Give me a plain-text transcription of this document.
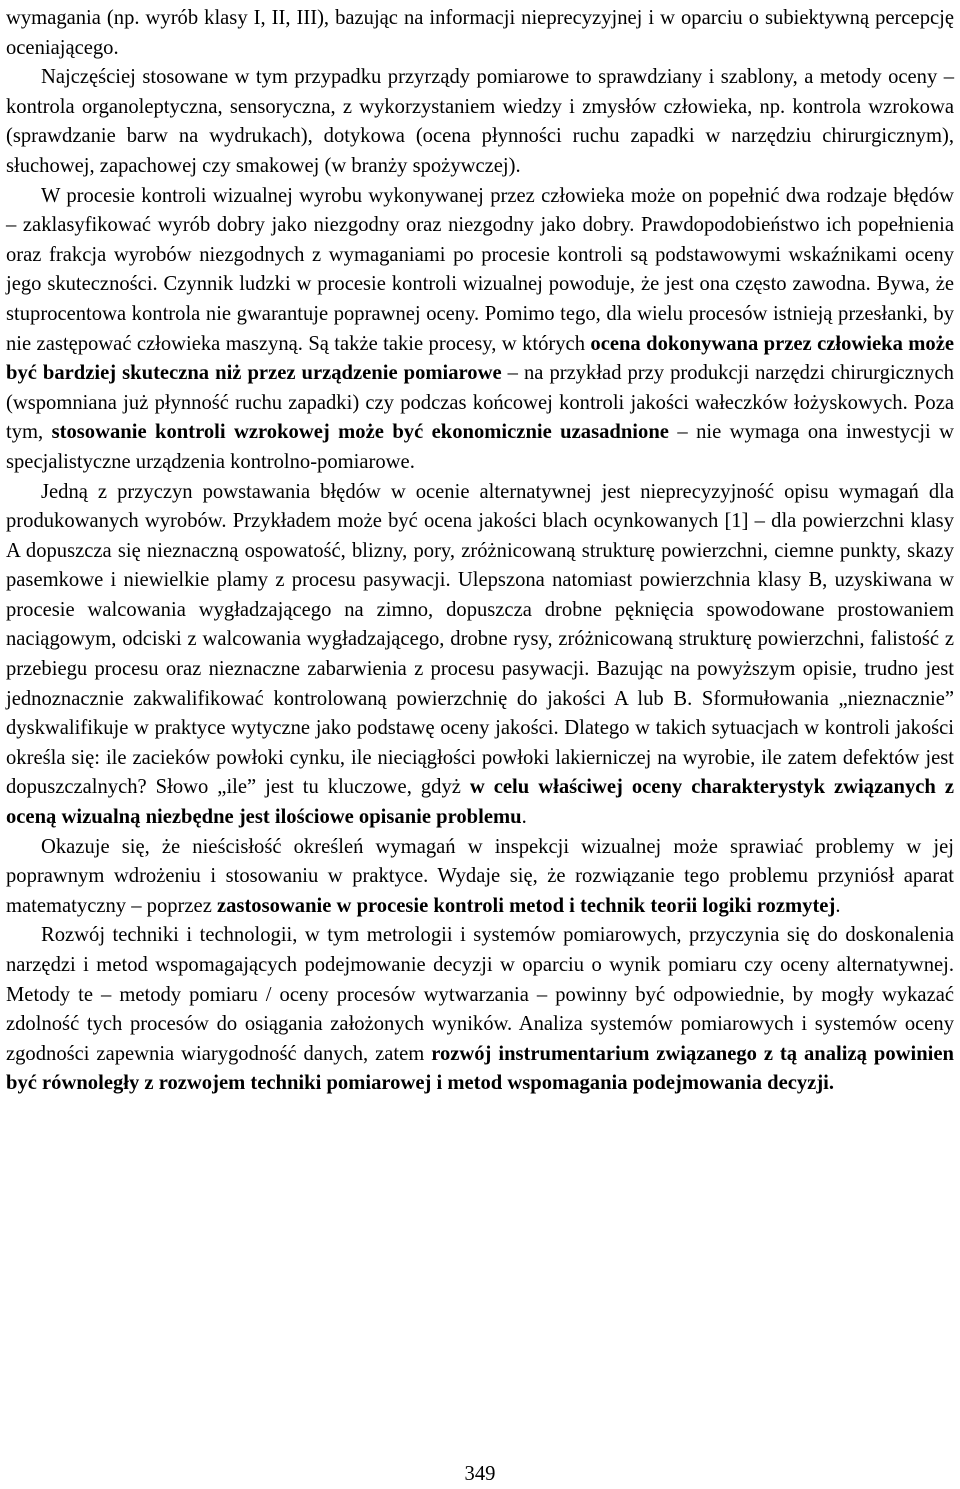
wymagania (np. wyrób klasy I, II, III), bazując na informacji nieprecyzyjnej i w oparciu o subiektywną percepcję oceniającego.

Najczęściej stosowane w tym przypadku przyrządy pomiarowe to sprawdziany i szablony, a metody oceny – kontrola organoleptyczna, sensoryczna, z wykorzystaniem wiedzy i zmysłów człowieka, np. kontrola wzrokowa (sprawdzanie barw na wydrukach), dotykowa (ocena płynności ruchu zapadki w narzędziu chirurgicznym), słuchowej, zapachowej czy smakowej (w branży spożywczej).

W procesie kontroli wizualnej wyrobu wykonywanej przez człowieka może on popełnić dwa rodzaje błędów – zaklasyfikować wyrób dobry jako niezgodny oraz niezgodny jako dobry. Prawdopodobieństwo ich popełnienia oraz frakcja wyrobów niezgodnych z wymaganiami po procesie kontroli są podstawowymi wskaźnikami oceny jego skuteczności. Czynnik ludzki w procesie kontroli wizualnej powoduje, że jest ona często zawodna. Bywa, że stuprocentowa kontrola nie gwarantuje poprawnej oceny. Pomimo tego, dla wielu procesów istnieją przesłanki, by nie zastępować człowieka maszyną. Są także takie procesy, w których ocena dokonywana przez człowieka może być bardziej skuteczna niż przez urządzenie pomiarowe – na przykład przy produkcji narzędzi chirurgicznych (wspomniana już płynność ruchu zapadki) czy podczas końcowej kontroli jakości wałeczków łożyskowych. Poza tym, stosowanie kontroli wzrokowej może być ekonomicznie uzasadnione – nie wymaga ona inwestycji w specjalistyczne urządzenia kontrolno-pomiarowe.

Jedną z przyczyn powstawania błędów w ocenie alternatywnej jest nieprecyzyjność opisu wymagań dla produkowanych wyrobów. Przykładem może być ocena jakości blach ocynkowanych [1] – dla powierzchni klasy A dopuszcza się nieznaczną ospowatość, blizny, pory, zróżnicowaną strukturę powierzchni, ciemne punkty, skazy pasemkowe i niewielkie plamy z procesu pasywacji. Ulepszona natomiast powierzchnia klasy B, uzyskiwana w procesie walcowania wygładzającego na zimno, dopuszcza drobne pęknięcia spowodowane prostowaniem naciągowym, odciski z walcowania wygładzającego, drobne rysy, zróżnicowaną strukturę powierzchni, falistość z przebiegu procesu oraz nieznaczne zabarwienia z procesu pasywacji. Bazując na powyższym opisie, trudno jest jednoznacznie zakwalifikować kontrolowaną powierzchnię do jakości A lub B. Sformułowania „nieznacznie” dyskwalifikuje w praktyce wytyczne jako podstawę oceny jakości. Dlatego w takich sytuacjach w kontroli jakości określa się: ile zacieków powłoki cynku, ile nieciągłości powłoki lakierniczej na wyrobie, ile zatem defektów jest dopuszczalnych? Słowo „ile” jest tu kluczowe, gdyż w celu właściwej oceny charakterystyk związanych z oceną wizualną niezbędne jest ilościowe opisanie problemu.

Okazuje się, że nieścisłość określeń wymagań w inspekcji wizualnej może sprawiać problemy w jej poprawnym wdrożeniu i stosowaniu w praktyce. Wydaje się, że rozwiązanie tego problemu przyniósł aparat matematyczny – poprzez zastosowanie w procesie kontroli metod i technik teorii logiki rozmytej.

Rozwój techniki i technologii, w tym metrologii i systemów pomiarowych, przyczynia się do doskonalenia narzędzi i metod wspomagających podejmowanie decyzji w oparciu o wynik pomiaru czy oceny alternatywnej. Metody te – metody pomiaru / oceny procesów wytwarzania – powinny być odpowiednie, by mogły wykazać zdolność tych procesów do osiągania założonych wyników. Analiza systemów pomiarowych i systemów oceny zgodności zapewnia wiarygodność danych, zatem rozwój instrumentarium związanego z tą analizą powinien być równoległy z rozwojem techniki pomiarowej i metod wspomagania podejmowania decyzji.

349
